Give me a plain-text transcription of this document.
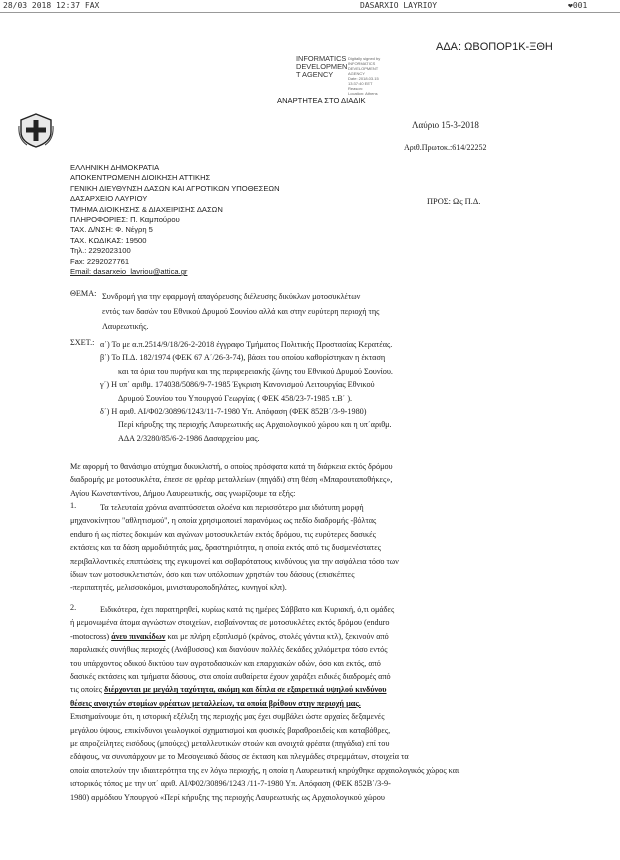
28/03 2018 12:37 FAX	DASARXIO LAYRIOY	❤001
ΑΔΑ: ΩΒΟΠΟΡ1Κ-ΞΘΗ
INFORMATICS
DEVELOPMEN
T AGENCY
Digitally signed by
INFORMATICS
DEVELOPMENT
AGENCY
Date: 2018.03.15
13:37:40 EET
Reason:
Location: Athens
ΑΝΑΡΤΗΤΕΑ ΣΤΟ ΔΙΑΔΙΚ
Λαύριο 15-3-2018
Αριθ.Πρωτοκ.:614/22252
ΕΛΛΗΝΙΚΗ ΔΗΜΟΚΡΑΤΙΑ
ΑΠΟΚΕΝΤΡΩΜΕΝΗ ΔΙΟΙΚΗΣΗ ΑΤΤΙΚΗΣ
ΓΕΝΙΚΗ ΔΙΕΥΘΥΝΣΗ ΔΑΣΩΝ ΚΑΙ ΑΓΡΟΤΙΚΩΝ ΥΠΟΘΕΣΕΩΝ
ΔΑΣΑΡΧΕΙΟ ΛΑΥΡΙΟΥ
ΤΜΗΜΑ ΔΙΟΙΚΗΣΗΣ & ΔΙΑΧΕΙΡΙΣΗΣ ΔΑΣΩΝ
ΠΛΗΡΟΦΟΡΙΕΣ: Π. Καμπούρου
ΤΑΧ. Δ/ΝΣΗ: Φ. Νέγρη 5
ΤΑΧ. ΚΩΔΙΚΑΣ: 19500
Τηλ.: 2292023100
Fax: 2292027761
Email: dasarxeio_lavriou@attica.gr
ΠΡΟΣ: Ως Π.Δ.
ΘΕΜΑ: Συνδρομή για την εφαρμογή απαγόρευσης διέλευσης δικύκλων μοτοσυκλέτων
εντός των δασών του Εθνικού Δρυμού Σουνίου αλλά και στην ευρύτερη περιοχή της
Λαυρεωτικής.
ΣΧΕΤ.: α΄) Το με α.π.2514/9/18/26-2-2018 έγγραφο Τμήματος Πολιτικής Προστασίας Κερατέας.
β΄) Το Π.Δ. 182/1974 (ΦΕΚ 67 Α΄/26-3-74), βάσει του οποίου καθορίστηκαν η έκταση
και τα όρια του πυρήνα και της περιφερειακής ζώνης του Εθνικού Δρυμού Σουνίου.
γ΄) Η υπ΄ αριθμ. 174038/5086/9-7-1985 Έγκριση Κανονισμού Λειτουργίας Εθνικού
Δρυμού Σουνίου του Υπουργού Γεωργίας ( ΦΕΚ 458/23-7-1985 τ.Β΄ ).
δ΄) Η αριθ. ΑΙ/Φ02/30896/1243/11-7-1980 Υπ. Απόφαση (ΦΕΚ 852Β΄/3-9-1980)
Περί κήρυξης της περιοχής Λαυρεωτικής ως Αρχαιολογικού χώρου και η υπ΄αριθμ.
ΑΔΑ 2/3280/85/6-2-1986 Δασαρχείου μας.
Με αφορμή το θανάσιμο ατύχημα δικυκλιστή, ο οποίος πρόσφατα κατά τη διάρκεια εκτός δρόμου
διαδρομής με μοτοσυκλέτα, έπεσε σε φρέαρ μεταλλείων (πηγάδι) στη θέση «Μπαρουταποθήκες»,
Αγίου Κωνσταντίνου, Δήμου Λαυρεωτικής, σας γνωρίζουμε τα εξής:
1.	Τα τελευταία χρόνια αναπτύσσεται ολοένα και περισσότερο μια ιδιότυπη μορφή
μηχανοκίνητου "αθλητισμού", η οποία χρησιμοποιεί παρανόμως ως πεδίο διαδρομής -βόλτας
enduro ή ως πίστες δοκιμών και αγώνων μοτοσυκλετών εκτός δρόμου, τις ευρύτερες δασικές
εκτάσεις και τα δάση αρμοδιότητάς μας, δραστηριότητα, η οποία εκτός από τις δυσμενέστατες
περιβαλλοντικές επιπτώσεις της εγκυμονεί και σοβαρότατους κινδύνους για την ασφάλεια τόσο των
ίδιων των μοτοσυκλετιστών, όσο και των υπόλοιπων χρηστών του δάσους (επισκέπτες
-περιπατητές, μελισσοκόμοι, μινισταυροποδηλάτες, κυνηγοί κλπ).
2.	Ειδικότερα, έχει παρατηρηθεί, κυρίως κατά τις ημέρες Σάββατο και Κυριακή, ό,τι ομάδες
ή μεμονωμένα άτομα αγνώστων στοιχείων, εισβαίνοντας σε μοτοσυκλέτες εκτός δρόμου (enduro
-motocross) άνευ πινακίδων και με πλήρη εξοπλισμό (κράνος, στολές γάντια κτλ), ξεκινούν από
παραλιακές συνήθως περιοχές (Ανάβυσσος) και διανύουν πολλές δεκάδες χιλιόμετρα τόσο εντός
του υπάρχοντος οδικού δικτύου των αγροτοδασικών και επαρχιακών οδών, όσο και εκτός, από
δασικές εκτάσεις και τμήματα δάσους, στα οποία αυθαίρετα έχουν χαράξει ειδικές διαδρομές από
τις οποίες διέρχονται με μεγάλη ταχύτητα, ακόμη και δίπλα σε εξαιρετικά υψηλού κινδύνου
θέσεις ανοιχτών στομίων φρέατων μεταλλείων, τα οποία βρίθουν στην περιοχή μας.
Επισημαίνουμε ότι, η ιστορική εξέλιξη της περιοχής μας έχει συμβάλει ώστε αρχαίες δεξαμενές
μεγάλου ύψους, επικίνδυνοι γεωλογικοί σχηματισμοί και φυσικές βαραθροειδείς και καταβόθρες,
με απροζείλητες εισόδους (μπούςες) μεταλλευτικών στοών και ανοιχτά φρέατα (πηγάδια) επί του
εδάφους, να συνυπάρχουν με το Μεσογειακό δάσος σε έκταση και πλεγμάδες στρεμμάτων, στοιχεία τα
οποία αποτελούν την ιδιαιτερότητα της εν λόγω περιοχής, η οποία η Λαυρεωτική κηρύχθηκε αρχαιολογικός χώρος και
ιστορικός τόπος με την υπ΄ αριθ. ΑΙ/Φ02/30896/1243 /11-7-1980 Υπ. Απόφαση (ΦΕΚ 852Β΄/3-9-
1980) αρμόδιου Υπουργού «Περί κήρυξης της περιοχής Λαυρεωτικής ως Αρχαιολογικού χώρου
